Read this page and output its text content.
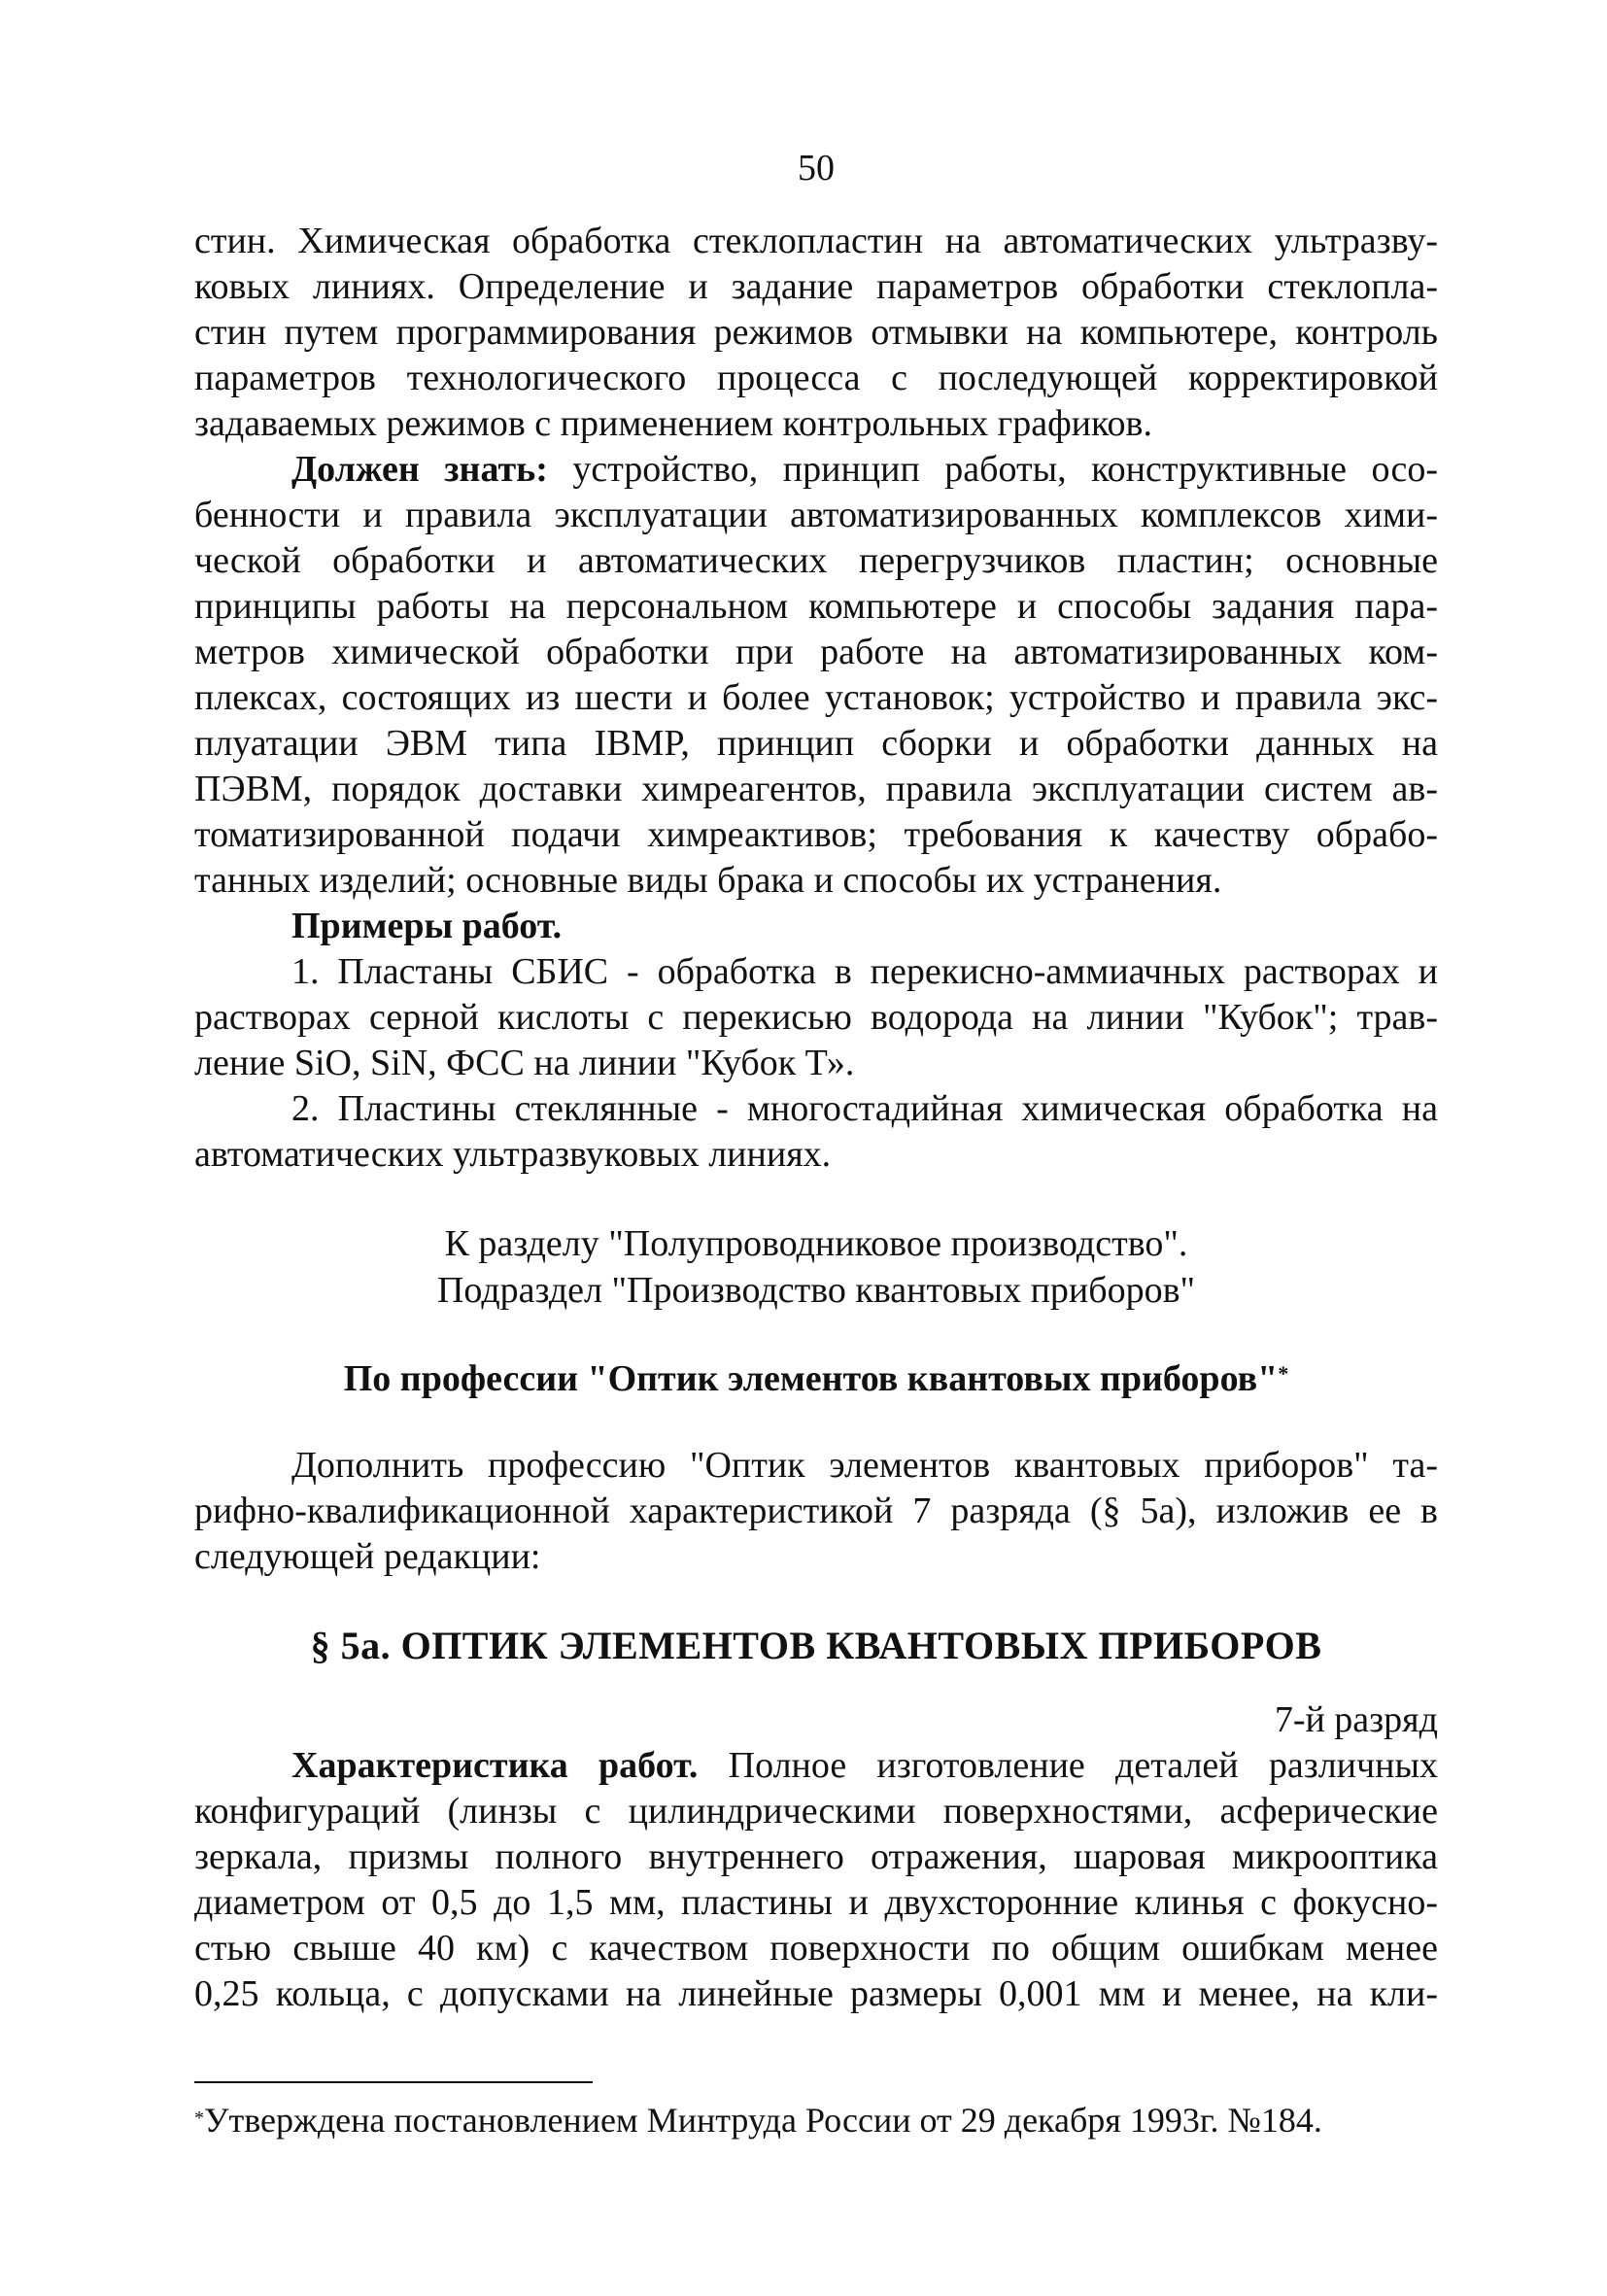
50
стин. Химическая обработка стеклопластин на автоматических ультразву-
ковых линиях. Определение и задание параметров обработки стеклопла-
стин путем программирования режимов отмывки на компьютере, контроль
параметров технологического процесса с последующей корректировкой
задаваемых режимов с применением контрольных графиков.
Должен знать: устройство, принцип работы, конструктивные осо-
бенности и правила эксплуатации автоматизированных комплексов хими-
ческой обработки и автоматических перегрузчиков пластин; основные
принципы работы на персональном компьютере и способы задания пара-
метров химической обработки при работе на автоматизированных ком-
плексах, состоящих из шести и более установок; устройство и правила экс-
плуатации ЭВМ типа IBMP, принцип сборки и обработки данных на
ПЭВМ, порядок доставки химреагентов, правила эксплуатации систем ав-
томатизированной подачи химреактивов; требования к качеству обрабо-
танных изделий; основные виды брака и способы их устранения.
Примеры работ.
1. Пластаны СБИС - обработка в перекисно-аммиачных растворах и
растворах серной кислоты с перекисью водорода на линии "Кубок"; трав-
ление SiO, SiN, ФСС на линии "Кубок Т».
2. Пластины стеклянные - многостадийная химическая обработка на
автоматических ультразвуковых линиях.
К разделу "Полупроводниковое производство".
Подраздел "Производство квантовых приборов"
По профессии "Оптик элементов квантовых приборов"*
Дополнить профессию "Оптик элементов квантовых приборов" та-
рифно-квалификационной характеристикой 7 разряда (§ 5а), изложив ее в
следующей редакции:
§ 5а. ОПТИК ЭЛЕМЕНТОВ КВАНТОВЫХ ПРИБОРОВ
7-й разряд
Характеристика работ. Полное изготовление деталей различных
конфигураций (линзы с цилиндрическими поверхностями, асферические
зеркала, призмы полного внутреннего отражения, шаровая микрооптика
диаметром от 0,5 до 1,5 мм, пластины и двухсторонние клинья с фокусно-
стью свыше 40 км) с качеством поверхности по общим ошибкам менее
0,25 кольца, с допусками на линейные размеры 0,001 мм и менее, на кли-
*Утверждена постановлением Минтруда России от 29 декабря 1993г. №184.
